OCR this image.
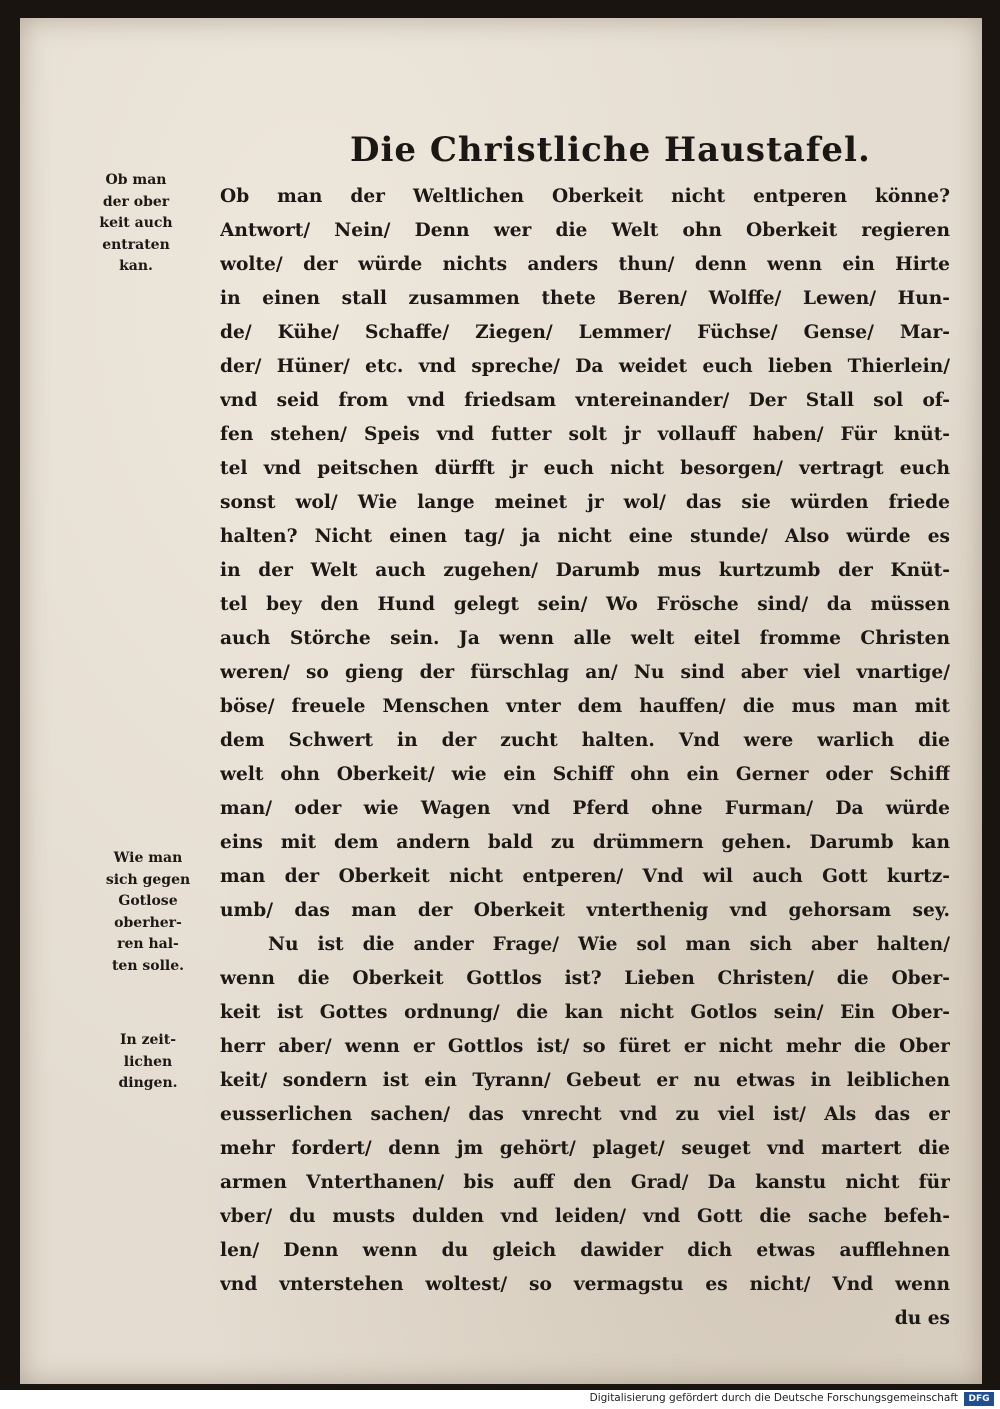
Die Christliche Haustafel.
Ob man
der ober
keit auch
entraten
kan.
Wie man
sich gegen
Gotlose
oberher-
ren hal-
ten solle.
In zeit-
lichen
dingen.
Ob man der Weltlichen Oberkeit nicht entperen könne?
Antwort/ Nein/ Denn wer die Welt ohn Oberkeit regieren
wolte/ der würde nichts anders thun/ denn wenn ein Hirte
in einen stall zusammen thete Beren/ Wolffe/ Lewen/ Hun-
de/ Kühe/ Schaffe/ Ziegen/ Lemmer/ Füchse/ Gense/ Mar-
der/ Hüner/ etc. vnd spreche/ Da weidet euch lieben Thierlein/
vnd seid from vnd friedsam vntereinander/ Der Stall sol of-
fen stehen/ Speis vnd futter solt jr vollauff haben/ Für knüt-
tel vnd peitschen dürfft jr euch nicht besorgen/ vertragt euch
sonst wol/ Wie lange meinet jr wol/ das sie würden friede
halten? Nicht einen tag/ ja nicht eine stunde/ Also würde es
in der Welt auch zugehen/ Darumb mus kurtzumb der Knüt-
tel bey den Hund gelegt sein/ Wo Frösche sind/ da müssen
auch Störche sein. Ja wenn alle welt eitel fromme Christen
weren/ so gieng der fürschlag an/ Nu sind aber viel vnartige/
böse/ freuele Menschen vnter dem hauffen/ die mus man mit
dem Schwert in der zucht halten. Vnd were warlich die
welt ohn Oberkeit/ wie ein Schiff ohn ein Gerner oder Schiff
man/ oder wie Wagen vnd Pferd ohne Furman/ Da würde
eins mit dem andern bald zu drümmern gehen. Darumb kan
man der Oberkeit nicht entperen/ Vnd wil auch Gott kurtz-
umb/ das man der Oberkeit vnterthenig vnd gehorsam sey.
Nu ist die ander Frage/ Wie sol man sich aber halten/
wenn die Oberkeit Gottlos ist? Lieben Christen/ die Ober-
keit ist Gottes ordnung/ die kan nicht Gotlos sein/ Ein Ober-
herr aber/ wenn er Gottlos ist/ so füret er nicht mehr die Ober
keit/ sondern ist ein Tyrann/ Gebeut er nu etwas in leiblichen
eusserlichen sachen/ das vnrecht vnd zu viel ist/ Als das er
mehr fordert/ denn jm gehört/ plaget/ seuget vnd martert die
armen Vnterthanen/ bis auff den Grad/ Da kanstu nicht für
vber/ du musts dulden vnd leiden/ vnd Gott die sache befeh-
len/ Denn wenn du gleich dawider dich etwas aufflehnen
vnd vnterstehen woltest/ so vermagstu es nicht/ Vnd wenn
du es
Digitalisierung gefördert durch die Deutsche Forschungsgemeinschaft	DFG
